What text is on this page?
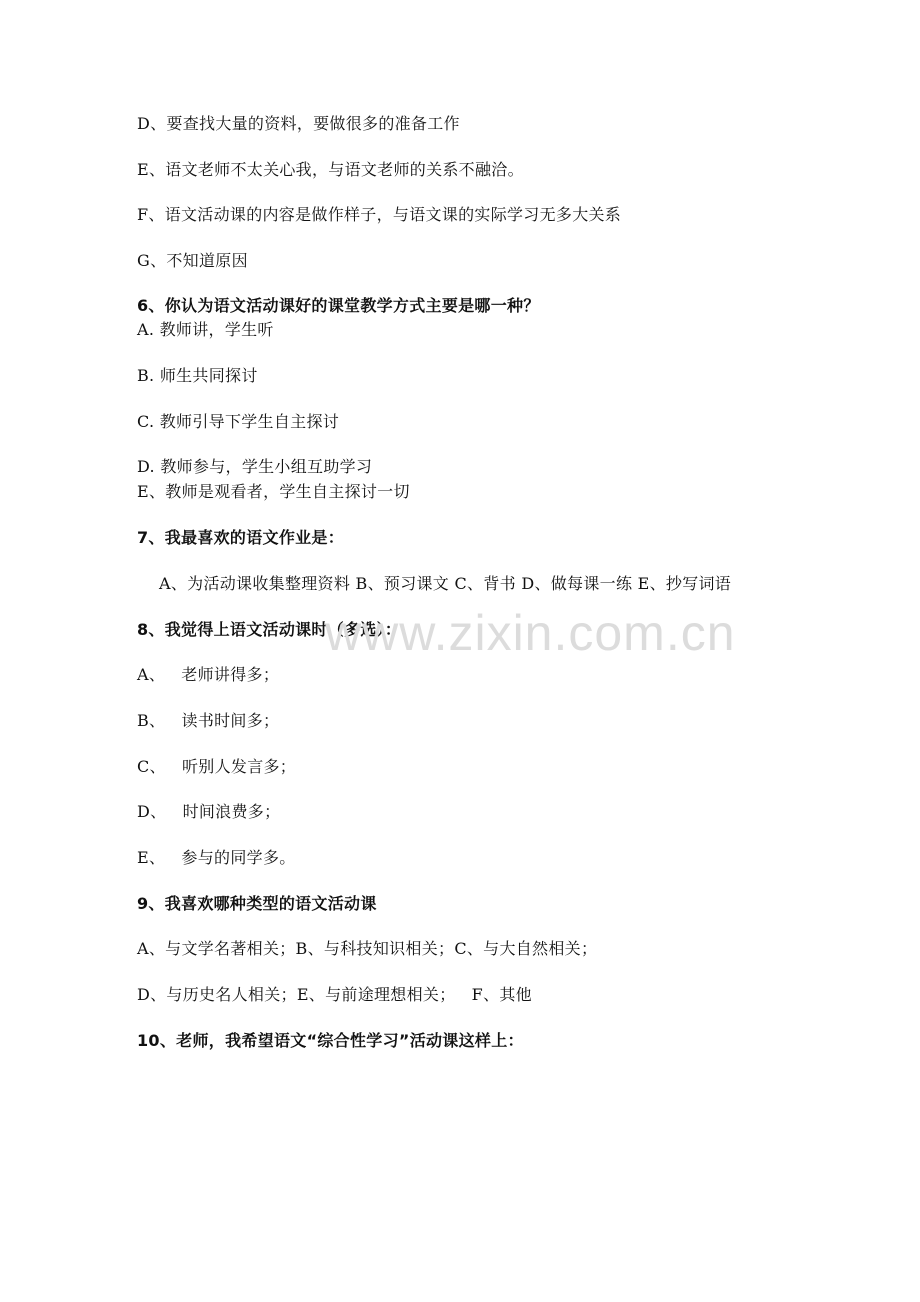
D、要查找大量的资料，要做很多的准备工作
E、语文老师不太关心我，与语文老师的关系不融洽。
F、语文活动课的内容是做作样子，与语文课的实际学习无多大关系
G、不知道原因
6、你认为语文活动课好的课堂教学方式主要是哪一种？
A. 教师讲，学生听
B. 师生共同探讨
C. 教师引导下学生自主探讨
D. 教师参与，学生小组互助学习
E、教师是观看者，学生自主探讨一切
7、我最喜欢的语文作业是：
A、为活动课收集整理资料 B、预习课文 C、背书 D、做每课一练 E、抄写词语
8、我觉得上语文活动课时（多选）：
A、   老师讲得多；
B、   读书时间多；
C、   听别人发言多；
D、   时间浪费多；
E、   参与的同学多。
9、我喜欢哪种类型的语文活动课
A、与文学名著相关；B、与科技知识相关；C、与大自然相关；
D、与历史名人相关；E、与前途理想相关；   F、其他
10、老师，我希望语文“综合性学习”活动课这样上：
www.zixin.com.cn
